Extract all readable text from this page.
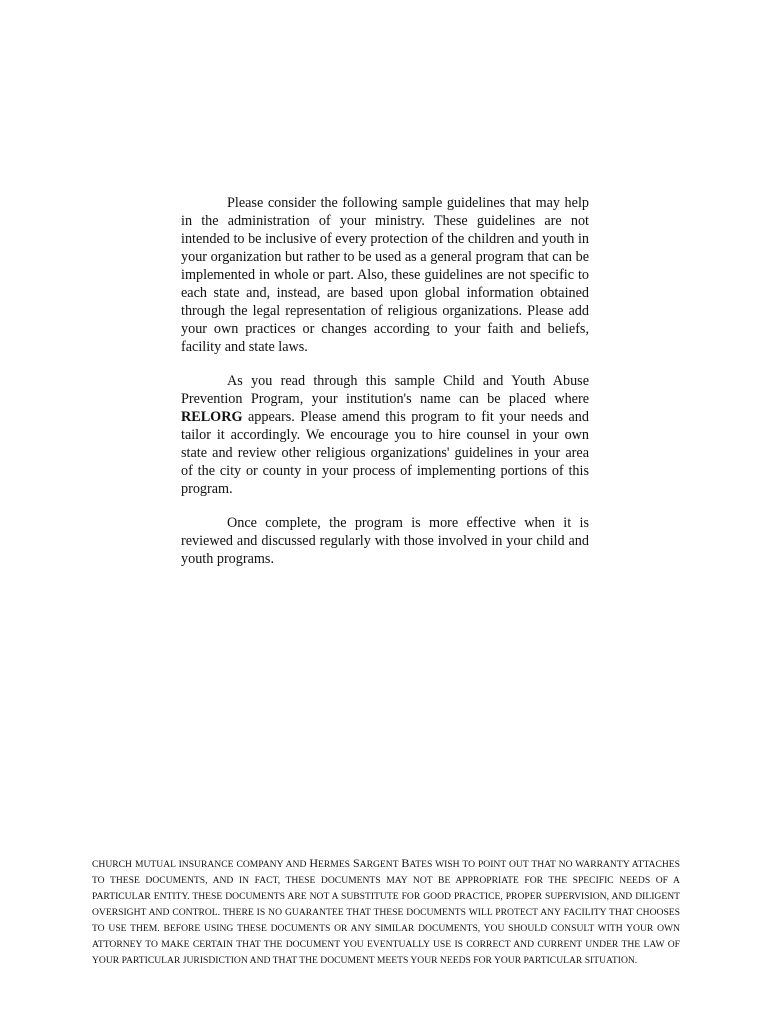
Please consider the following sample guidelines that may help in the administration of your ministry. These guidelines are not intended to be inclusive of every protection of the children and youth in your organization but rather to be used as a general program that can be implemented in whole or part. Also, these guidelines are not specific to each state and, instead, are based upon global information obtained through the legal representation of religious organizations. Please add your own practices or changes according to your faith and beliefs, facility and state laws.

As you read through this sample Child and Youth Abuse Prevention Program, your institution's name can be placed where RELORG appears. Please amend this program to fit your needs and tailor it accordingly. We encourage you to hire counsel in your own state and review other religious organizations' guidelines in your area of the city or county in your process of implementing portions of this program.

Once complete, the program is more effective when it is reviewed and discussed regularly with those involved in your child and youth programs.

CHURCH MUTUAL INSURANCE COMPANY AND HERMES SARGENT BATES WISH TO POINT OUT THAT NO WARRANTY ATTACHES TO THESE DOCUMENTS, AND IN FACT, THESE DOCUMENTS MAY NOT BE APPROPRIATE FOR THE SPECIFIC NEEDS OF A PARTICULAR ENTITY. THESE DOCUMENTS ARE NOT A SUBSTITUTE FOR GOOD PRACTICE, PROPER SUPERVISION, AND DILIGENT OVERSIGHT AND CONTROL. THERE IS NO GUARANTEE THAT THESE DOCUMENTS WILL PROTECT ANY FACILITY THAT CHOOSES TO USE THEM. BEFORE USING THESE DOCUMENTS OR ANY SIMILAR DOCUMENTS, YOU SHOULD CONSULT WITH YOUR OWN ATTORNEY TO MAKE CERTAIN THAT THE DOCUMENT YOU EVENTUALLY USE IS CORRECT AND CURRENT UNDER THE LAW OF YOUR PARTICULAR JURISDICTION AND THAT THE DOCUMENT MEETS YOUR NEEDS FOR YOUR PARTICULAR SITUATION.
